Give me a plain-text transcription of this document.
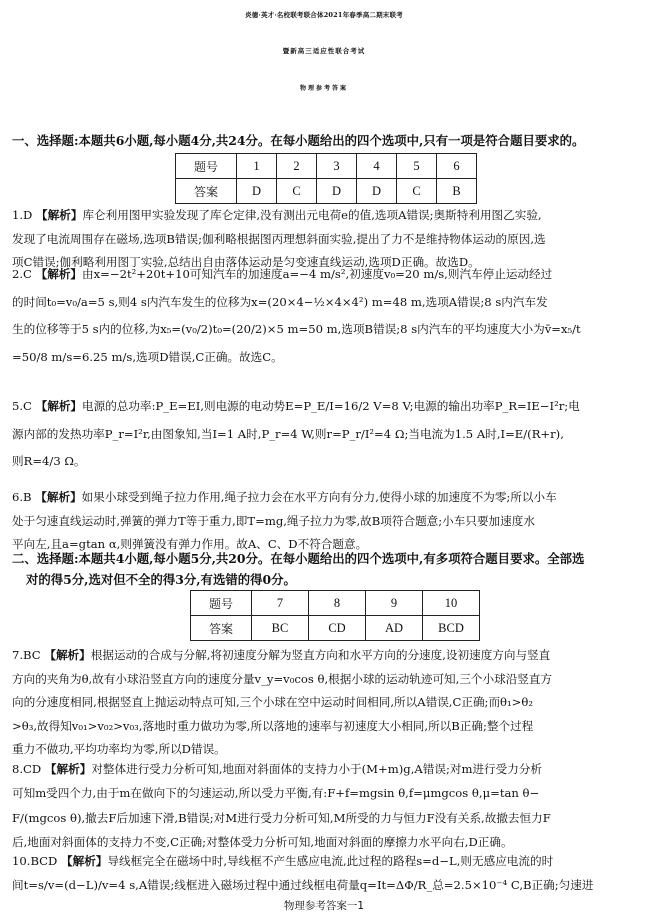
炎德·英才·名校联考联合体2021年春季高二期末联考
暨新高三适应性联合考试
物理参考答案
一、选择题:本题共6小题,每小题4分,共24分。在每小题给出的四个选项中,只有一项是符合题目要求的。
题号	1	2	3	4	5	6
答案	D	C	D	D	C	B
1.D 【解析】库仑利用图甲实验发现了库仑定律,没有测出元电荷e的值,选项A错误;奥斯特利用图乙实验,
发现了电流周围存在磁场,选项B错误;伽利略根据图丙理想斜面实验,提出了力不是维持物体运动的原因,选
项C错误;伽利略利用图丁实验,总结出自由落体运动是匀变速直线运动,选项D正确。故选D。
2.C 【解析】由x=−2t²+20t+10可知汽车的加速度a=−4 m/s²,初速度v₀=20 m/s,则汽车停止运动经过
的时间t₀=v₀/a=5 s,则4 s内汽车发生的位移为x=(20×4−½×4×4²) m=48 m,选项A错误;8 s内汽车发
生的位移等于5 s内的位移,为x₅=(v₀/2)t₀=(20/2)×5 m=50 m,选项B错误;8 s内汽车的平均速度大小为v̄=x₅/t
=50/8 m/s=6.25 m/s,选项D错误,C正确。故选C。
5.C 【解析】电源的总功率:P_E=EI,则电源的电动势E=P_E/I=16/2 V=8 V;电源的输出功率P_R=IE−I²r;电
源内部的发热功率P_r=I²r,由图象知,当I=1 A时,P_r=4 W,则r=P_r/I²=4 Ω;当电流为1.5 A时,I=E/(R+r),
则R=4/3 Ω。
6.B 【解析】如果小球受到绳子拉力作用,绳子拉力会在水平方向有分力,使得小球的加速度不为零;所以小车
处于匀速直线运动时,弹簧的弹力T等于重力,即T=mg,绳子拉力为零,故B项符合题意;小车只要加速度水
平向左,且a=gtan α,则弹簧没有弹力作用。故A、C、D不符合题意。
二、选择题:本题共4小题,每小题5分,共20分。在每小题给出的四个选项中,有多项符合题目要求。全部选
对的得5分,选对但不全的得3分,有选错的得0分。
题号	7	8	9	10
答案	BC	CD	AD	BCD
7.BC 【解析】根据运动的合成与分解,将初速度分解为竖直方向和水平方向的分速度,设初速度方向与竖直
方向的夹角为θ,故有小球沿竖直方向的速度分量v_y=v₀cos θ,根据小球的运动轨迹可知,三个小球沿竖直方
向的分速度相同,根据竖直上抛运动特点可知,三个小球在空中运动时间相同,所以A错误,C正确;而θ₁>θ₂
>θ₃,故得知v₀₁>v₀₂>v₀₃,落地时重力做功为零,所以落地的速率与初速度大小相同,所以B正确;整个过程
重力不做功,平均功率均为零,所以D错误。
8.CD 【解析】对整体进行受力分析可知,地面对斜面体的支持力小于(M+m)g,A错误;对m进行受力分析
可知m受四个力,由于m在做向下的匀速运动,所以受力平衡,有:F+f=mgsin θ,f=μmgcos θ,μ=tan θ−
F/(mgcos θ),撤去F后加速下滑,B错误;对M进行受力分析可知,M所受的力与恒力F没有关系,故撤去恒力F
后,地面对斜面体的支持力不变,C正确;对整体受力分析可知,地面对斜面的摩擦力水平向右,D正确。
10.BCD 【解析】导线框完全在磁场中时,导线框不产生感应电流,此过程的路程s=d−L,则无感应电流的时
间t=s/v=(d−L)/v=4 s,A错误;线框进入磁场过程中通过线框电荷量q=It=ΔΦ/R_总=2.5×10⁻⁴ C,B正确;匀速进
物理参考答案一1
